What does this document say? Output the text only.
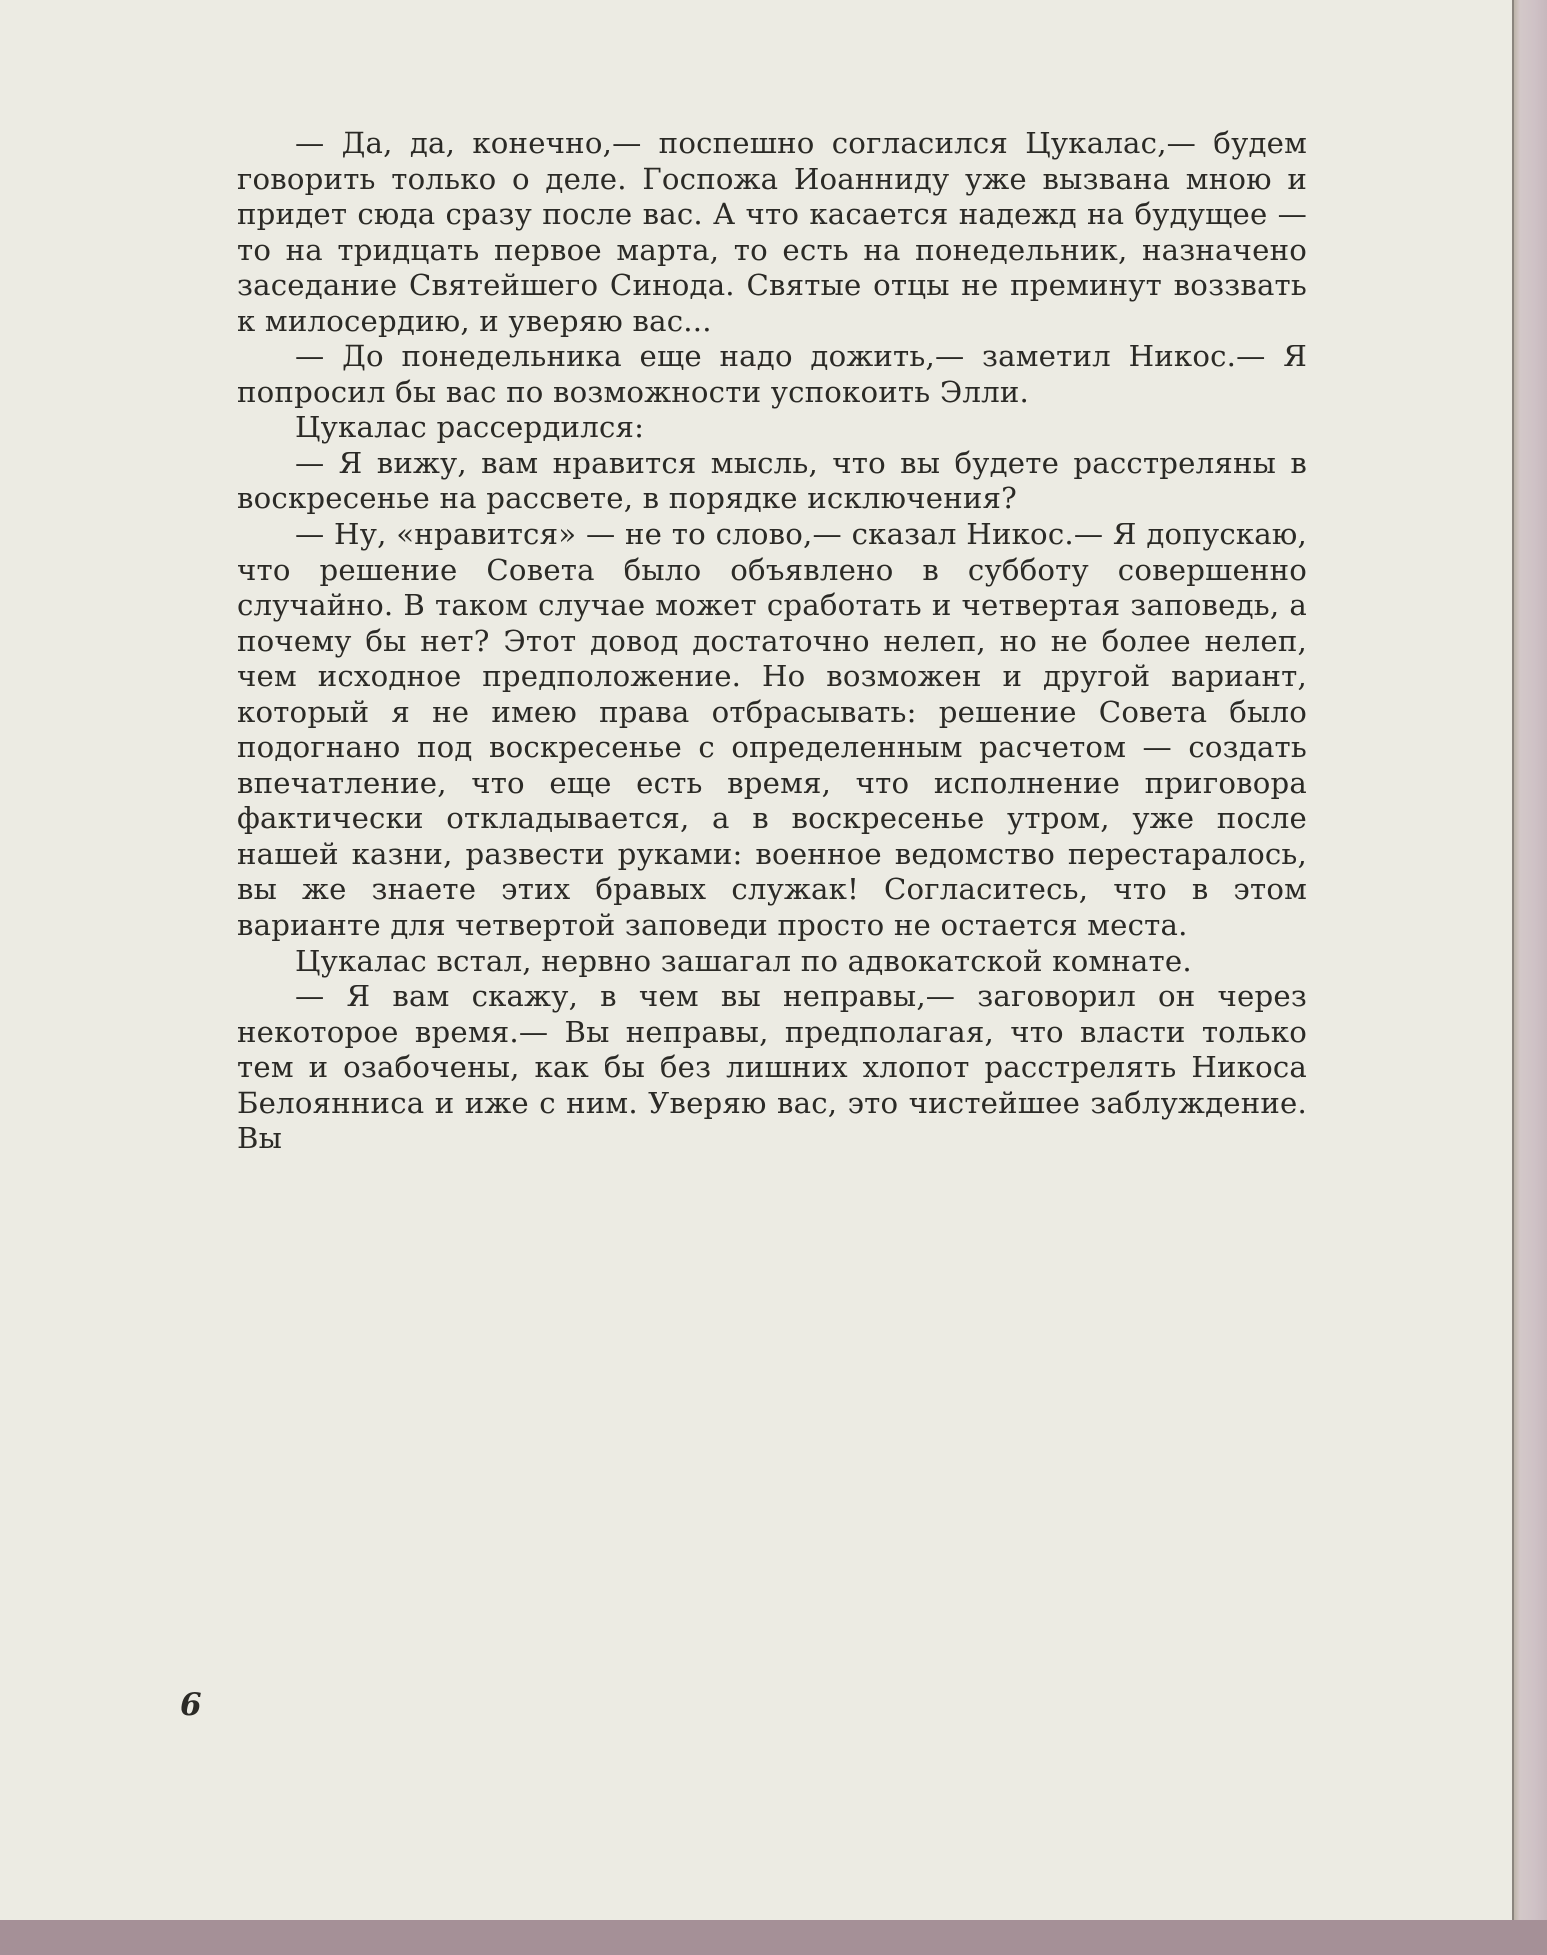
— Да, да, конечно,— поспешно согласился Цукалас,— будем говорить только о деле. Госпожа Иоанниду уже вызвана мною и придет сюда сразу после вас. А что касается надежд на будущее — то на тридцать первое марта, то есть на понедельник, назначено заседание Святейшего Синода. Святые отцы не преминут воззвать к милосердию, и уверяю вас...

— До понедельника еще надо дожить,— заметил Никос.— Я попросил бы вас по возможности успокоить Элли.

Цукалас рассердился:

— Я вижу, вам нравится мысль, что вы будете расстреляны в воскресенье на рассвете, в порядке исключения?

— Ну, «нравится» — не то слово,— сказал Никос.— Я допускаю, что решение Совета было объявлено в субботу совершенно случайно. В таком случае может сработать и четвертая заповедь, а почему бы нет? Этот довод достаточно нелеп, но не более нелеп, чем исходное предположение. Но возможен и другой вариант, который я не имею права отбрасывать: решение Совета было подогнано под воскресенье с определенным расчетом — создать впечатление, что еще есть время, что исполнение приговора фактически откладывается, а в воскресенье утром, уже после нашей казни, развести руками: военное ведомство перестаралось, вы же знаете этих бравых служак! Согласитесь, что в этом варианте для четвертой заповеди просто не остается места.

Цукалас встал, нервно зашагал по адвокатской комнате.

— Я вам скажу, в чем вы неправы,— заговорил он через некоторое время.— Вы неправы, предполагая, что власти только тем и озабочены, как бы без лишних хлопот расстрелять Никоса Белоянниса и иже с ним. Уверяю вас, это чистейшее заблуждение. Вы

6
